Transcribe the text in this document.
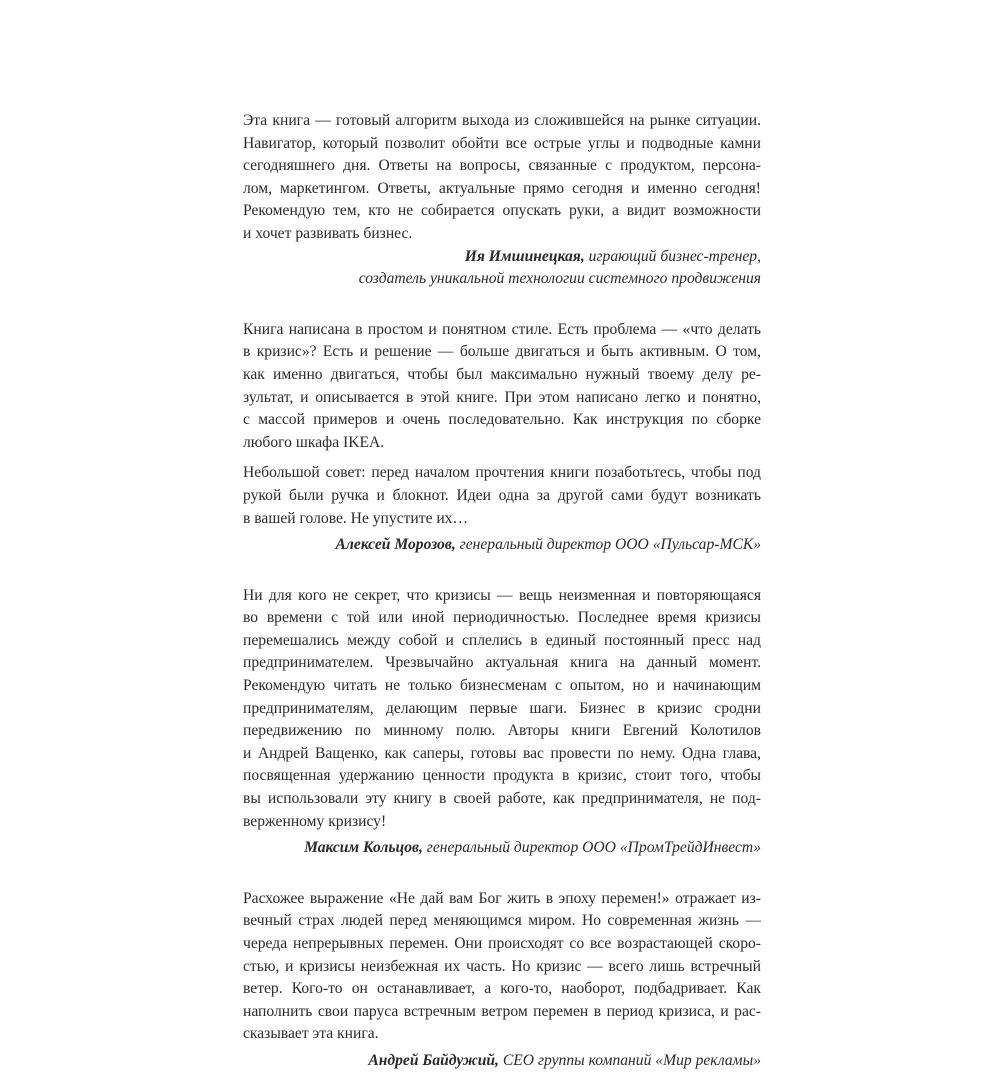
Эта книга — готовый алгоритм выхода из сложившейся на рынке ситуации.
Навигатор, который позволит обойти все острые углы и подводные камни
сегодняшнего дня. Ответы на вопросы, связанные с продуктом, персона-
лом, маркетингом. Ответы, актуальные прямо сегодня и именно сегодня!
Рекомендую тем, кто не собирается опускать руки, а видит возможности
и хочет развивать бизнес.
Ия Имшинецкая, играющий бизнес-тренер,
создатель уникальной технологии системного продвижения
Книга написана в простом и понятном стиле. Есть проблема — «что делать
в кризис»? Есть и решение — больше двигаться и быть активным. О том,
как именно двигаться, чтобы был максимально нужный твоему делу ре-
зультат, и описывается в этой книге. При этом написано легко и понятно,
с массой примеров и очень последовательно. Как инструкция по сборке
любого шкафа IKEA.
Небольшой совет: перед началом прочтения книги позаботьтесь, чтобы под
рукой были ручка и блокнот. Идеи одна за другой сами будут возникать
в вашей голове. Не упустите их…
Алексей Морозов, генеральный директор ООО «Пульсар-МСК»
Ни для кого не секрет, что кризисы — вещь неизменная и повторяющаяся
во времени с той или иной периодичностью. Последнее время кризисы
перемешались между собой и сплелись в единый постоянный пресс над
предпринимателем. Чрезвычайно актуальная книга на данный момент.
Рекомендую читать не только бизнесменам с опытом, но и начинающим
предпринимателям, делающим первые шаги. Бизнес в кризис сродни
передвижению по минному полю. Авторы книги Евгений Колотилов
и Андрей Ващенко, как саперы, готовы вас провести по нему. Одна глава,
посвященная удержанию ценности продукта в кризис, стоит того, чтобы
вы использовали эту книгу в своей работе, как предпринимателя, не под-
верженному кризису!
Максим Кольцов, генеральный директор ООО «ПромТрейдИнвест»
Расхожее выражение «Не дай вам Бог жить в эпоху перемен!» отражает из-
вечный страх людей перед меняющимся миром. Но современная жизнь —
череда непрерывных перемен. Они происходят со все возрастающей скоро-
стью, и кризисы неизбежная их часть. Но кризис — всего лишь встречный
ветер. Кого-то он останавливает, а кого-то, наоборот, подбадривает. Как
наполнить свои паруса встречным ветром перемен в период кризиса, и рас-
сказывает эта книга.
Андрей Байдужий, CEO группы компаний «Мир рекламы»
